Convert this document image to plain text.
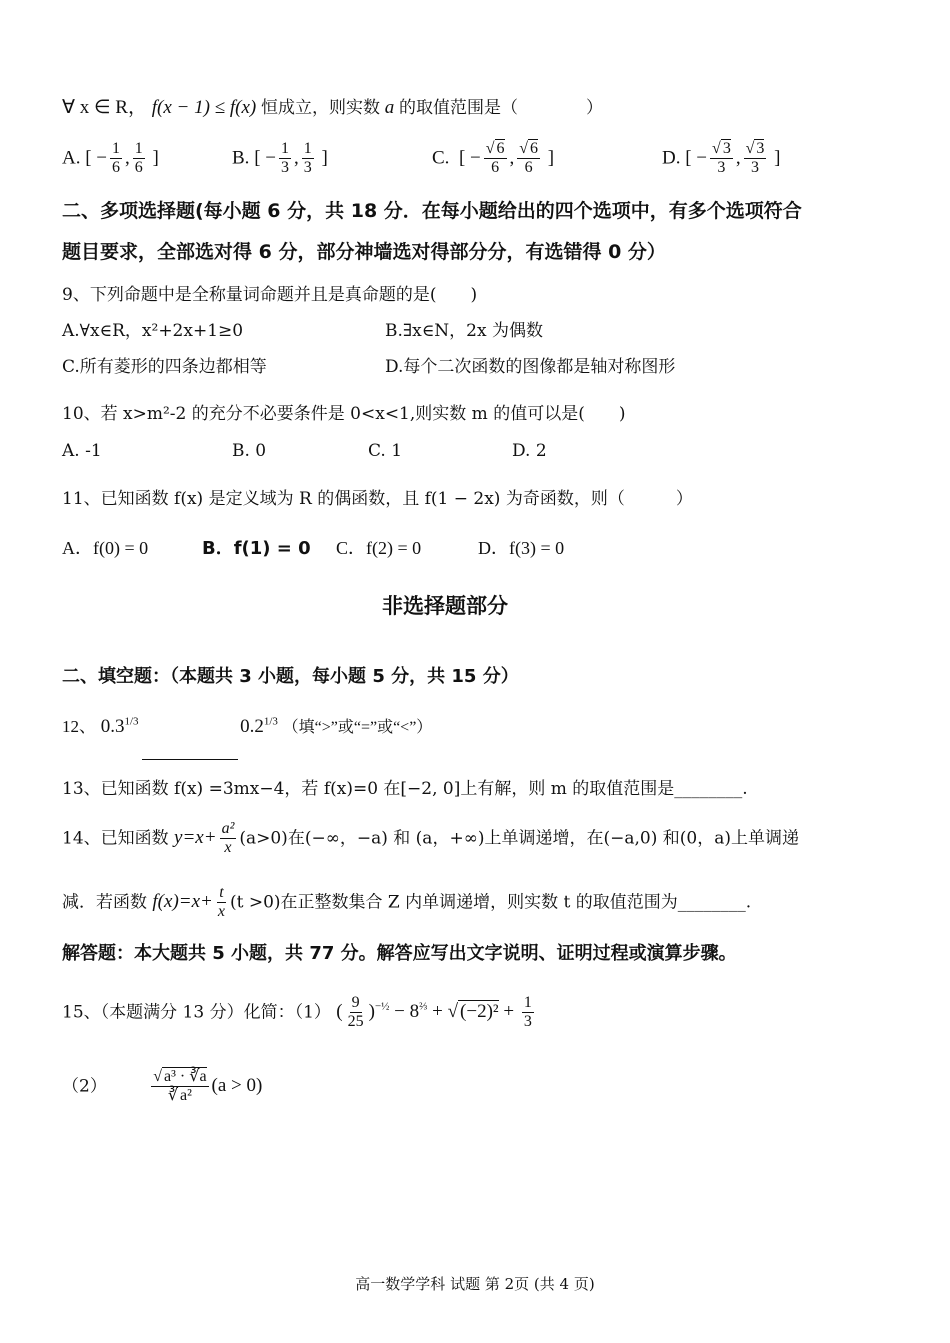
∀ x ∈ R， f(x − 1) ≤ f(x) 恒成立，则实数 a 的取值范围是（　　　　）
A. [ − $\frac{1}{6}$ , $\frac{1}{6}$ ]	B. [ − $\frac{1}{3}$ , $\frac{1}{3}$ ]	C.  [ − $\frac{√ 6}{6}$ , $\frac{√ 6}{6}$ ]	D. [ − $\frac{√ 3}{3}$ , $\frac{√ 3}{3}$ ]
二、多项选择题(每小题 6 分，共 18 分．在每小题给出的四个选项中，有多个选项符合
题目要求，全部选对得 6 分，部分神墙选对得部分分，有选错得 0 分）
9、下列命题中是全称量词命题并且是真命题的是(　　)
A.∀x∈R，x²+2x+1≥0	B.∃x∈N，2x 为偶数
C.所有菱形的四条边都相等	D.每个二次函数的图像都是轴对称图形
10、若 x>m²-2 的充分不必要条件是 0<x<1,则实数 m 的值可以是(　　)
A. -1	B. 0	C. 1	D. 2
11、已知函数 f(x) 是定义域为 R 的偶函数，且 f(1 − 2x) 为奇函数，则（　　　）
A．f(0) = 0	B．f(1) = 0 C．f(2) = 0	D．f(3) = 0
非选择题部分
二、填空题：（本题共 3 小题，每小题 5 分，共 15 分）
12、 $0.3^{1/3}$	$0.2^{1/3}$ （填“>”或“=”或“<”）
13、已知函数 f(x) =3mx−4，若 f(x)=0 在[−2, 0]上有解，则 m 的取值范围是________.
14、已知函数 $y=x+ \frac{\text{a²}}{x} (a>0)$在(−∞，−a) 和 (a，+∞)上单调递增，在(−a,0) 和(0，a)上单调递
减．若函数 $f(x)=x+ \frac{t}{x} (t >0)$在正整数集合 Z 内单调递增，则实数 t 的取值范围为________.
解答题：本大题共 5 小题，共 77 分。解答应写出文字说明、证明过程或演算步骤。
15、（本题满分 13 分）化简：（1） ( $\frac{9}{25} )^{-\frac{1}{2}} - 8^{\frac{2}{3}}$ + √ $(-2)^2 + \frac{1}{3}$
（2）	$\frac{\text{√ a³ · ∛a}}{\text{∛ a²}} (a > 0)$
高一数学学科 试题 第 2页 (共 4 页)
